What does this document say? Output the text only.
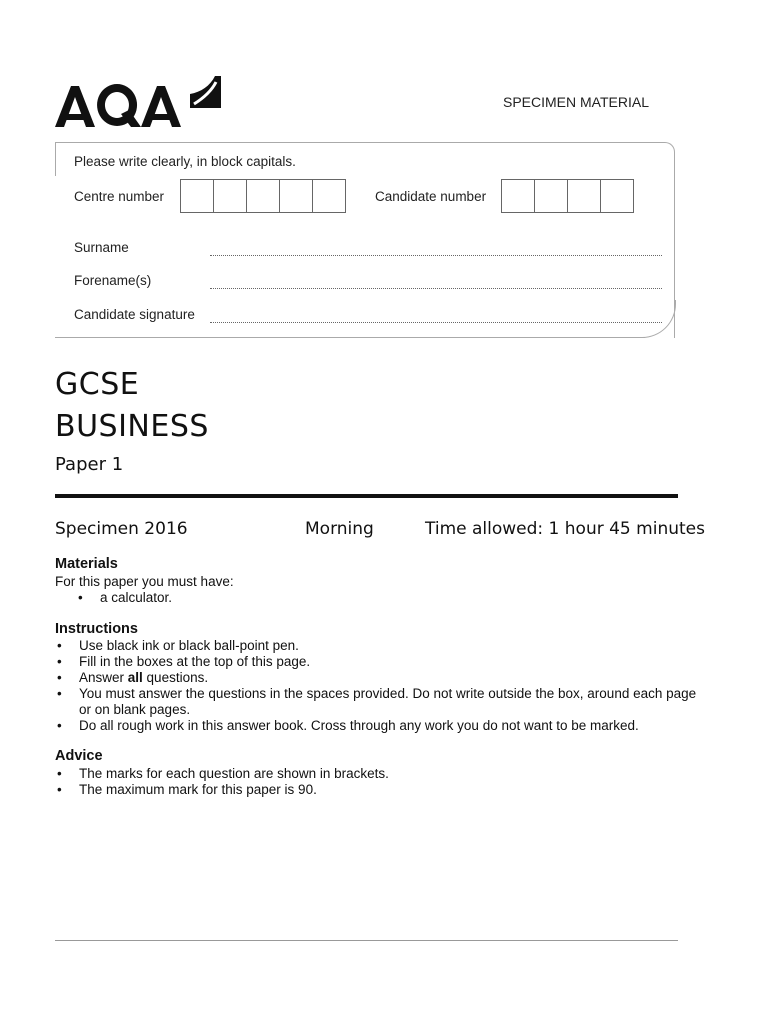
SPECIMEN MATERIAL
Please write clearly, in block capitals.
Centre number	Candidate number
Surname
Forename(s)
Candidate signature
GCSE
BUSINESS
Paper 1
Specimen 2016	Morning	Time allowed: 1 hour 45 minutes
Materials
For this paper you must have:
• a calculator.
Instructions
• Use black ink or black ball-point pen.
• Fill in the boxes at the top of this page.
• Answer all questions.
• You must answer the questions in the spaces provided. Do not write outside the box, around each page or on blank pages.
• Do all rough work in this answer book. Cross through any work you do not want to be marked.
Advice
• The marks for each question are shown in brackets.
• The maximum mark for this paper is 90.
